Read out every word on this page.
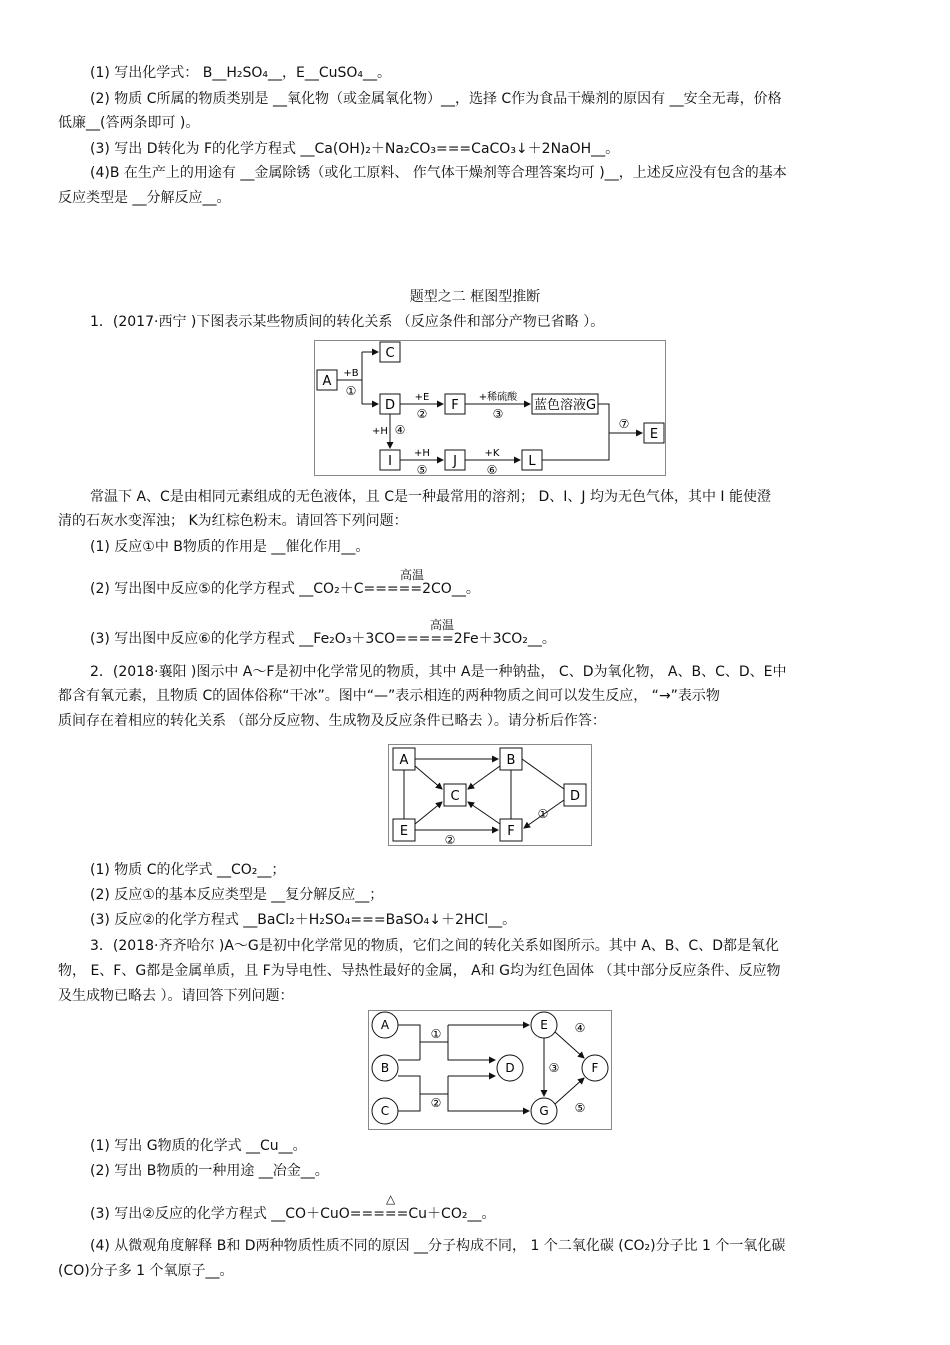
(1) 写出化学式： B__H₂SO₄__，E__CuSO₄__。
(2) 物质 C所属的物质类别是 __氧化物（或金属氧化物）__，选择 C作为食品干燥剂的原因有 __安全无毒，价格
低廉__(答两条即可 )。
(3) 写出 D转化为 F的化学方程式 __Ca(OH)₂＋Na₂CO₃===CaCO₃↓＋2NaOH__。
(4)B 在生产上的用途有 __金属除锈（或化工原料、 作气体干燥剂等合理答案均可 )__，上述反应没有包含的基本
反应类型是 __分解反应__。
题型之二 框图型推断
1．(2017·西宁 )下图表示某些物质间的转化关系 （反应条件和部分产物已省略 ）。
A
C
D	F	蓝色溶液G
E
I	J	L
+B
①	+E
②
+稀硫酸
③
+H ④
+H
⑤
+K
⑥
⑦
常温下 A、C是由相同元素组成的无色液体，且 C是一种最常用的溶剂； D、I、J 均为无色气体，其中 I 能使澄
清的石灰水变浑浊； K为红棕色粉末。请回答下列问题：
(1) 反应①中 B物质的作用是 __催化作用__。
高温
(2) 写出图中反应⑤的化学方程式 __CO₂＋C=====2CO__。
高温
(3) 写出图中反应⑥的化学方程式 __Fe₂O₃＋3CO=====2Fe＋3CO₂__。
2．(2018·襄阳 )图示中 A～F是初中化学常见的物质，其中 A是一种钠盐， C、D为氧化物， A、B、C、D、E中
都含有氧元素，且物质 C的固体俗称“干冰”。图中“—”表示相连的两种物质之间可以发生反应， “→”表示物
质间存在着相应的转化关系 （部分反应物、生成物及反应条件已略去 ）。请分析后作答：
A	B
C	D
E	F
①
②
(1) 物质 C的化学式 __CO₂__；
(2) 反应①的基本反应类型是 __复分解反应__；
(3) 反应②的化学方程式 __BaCl₂＋H₂SO₄===BaSO₄↓＋2HCl__。
3．(2018·齐齐哈尔 )A～G是初中化学常见的物质，它们之间的转化关系如图所示。其中 A、B、C、D都是氧化
物， E、F、G都是金属单质，且 F为导电性、导热性最好的金属， A和 G均为红色固体 （其中部分反应条件、反应物
及生成物已略去 ）。请回答下列问题：
A
B
C
D
E
F
G
①
②
③
④
⑤
(1) 写出 G物质的化学式 __Cu__。
(2) 写出 B物质的一种用途 __冶金__。
△
(3) 写出②反应的化学方程式 __CO＋CuO=====Cu＋CO₂__。
(4) 从微观角度解释 B和 D两种物质性质不同的原因 __分子构成不同， 1 个二氧化碳 (CO₂)分子比 1 个一氧化碳
(CO)分子多 1 个氧原子__。
